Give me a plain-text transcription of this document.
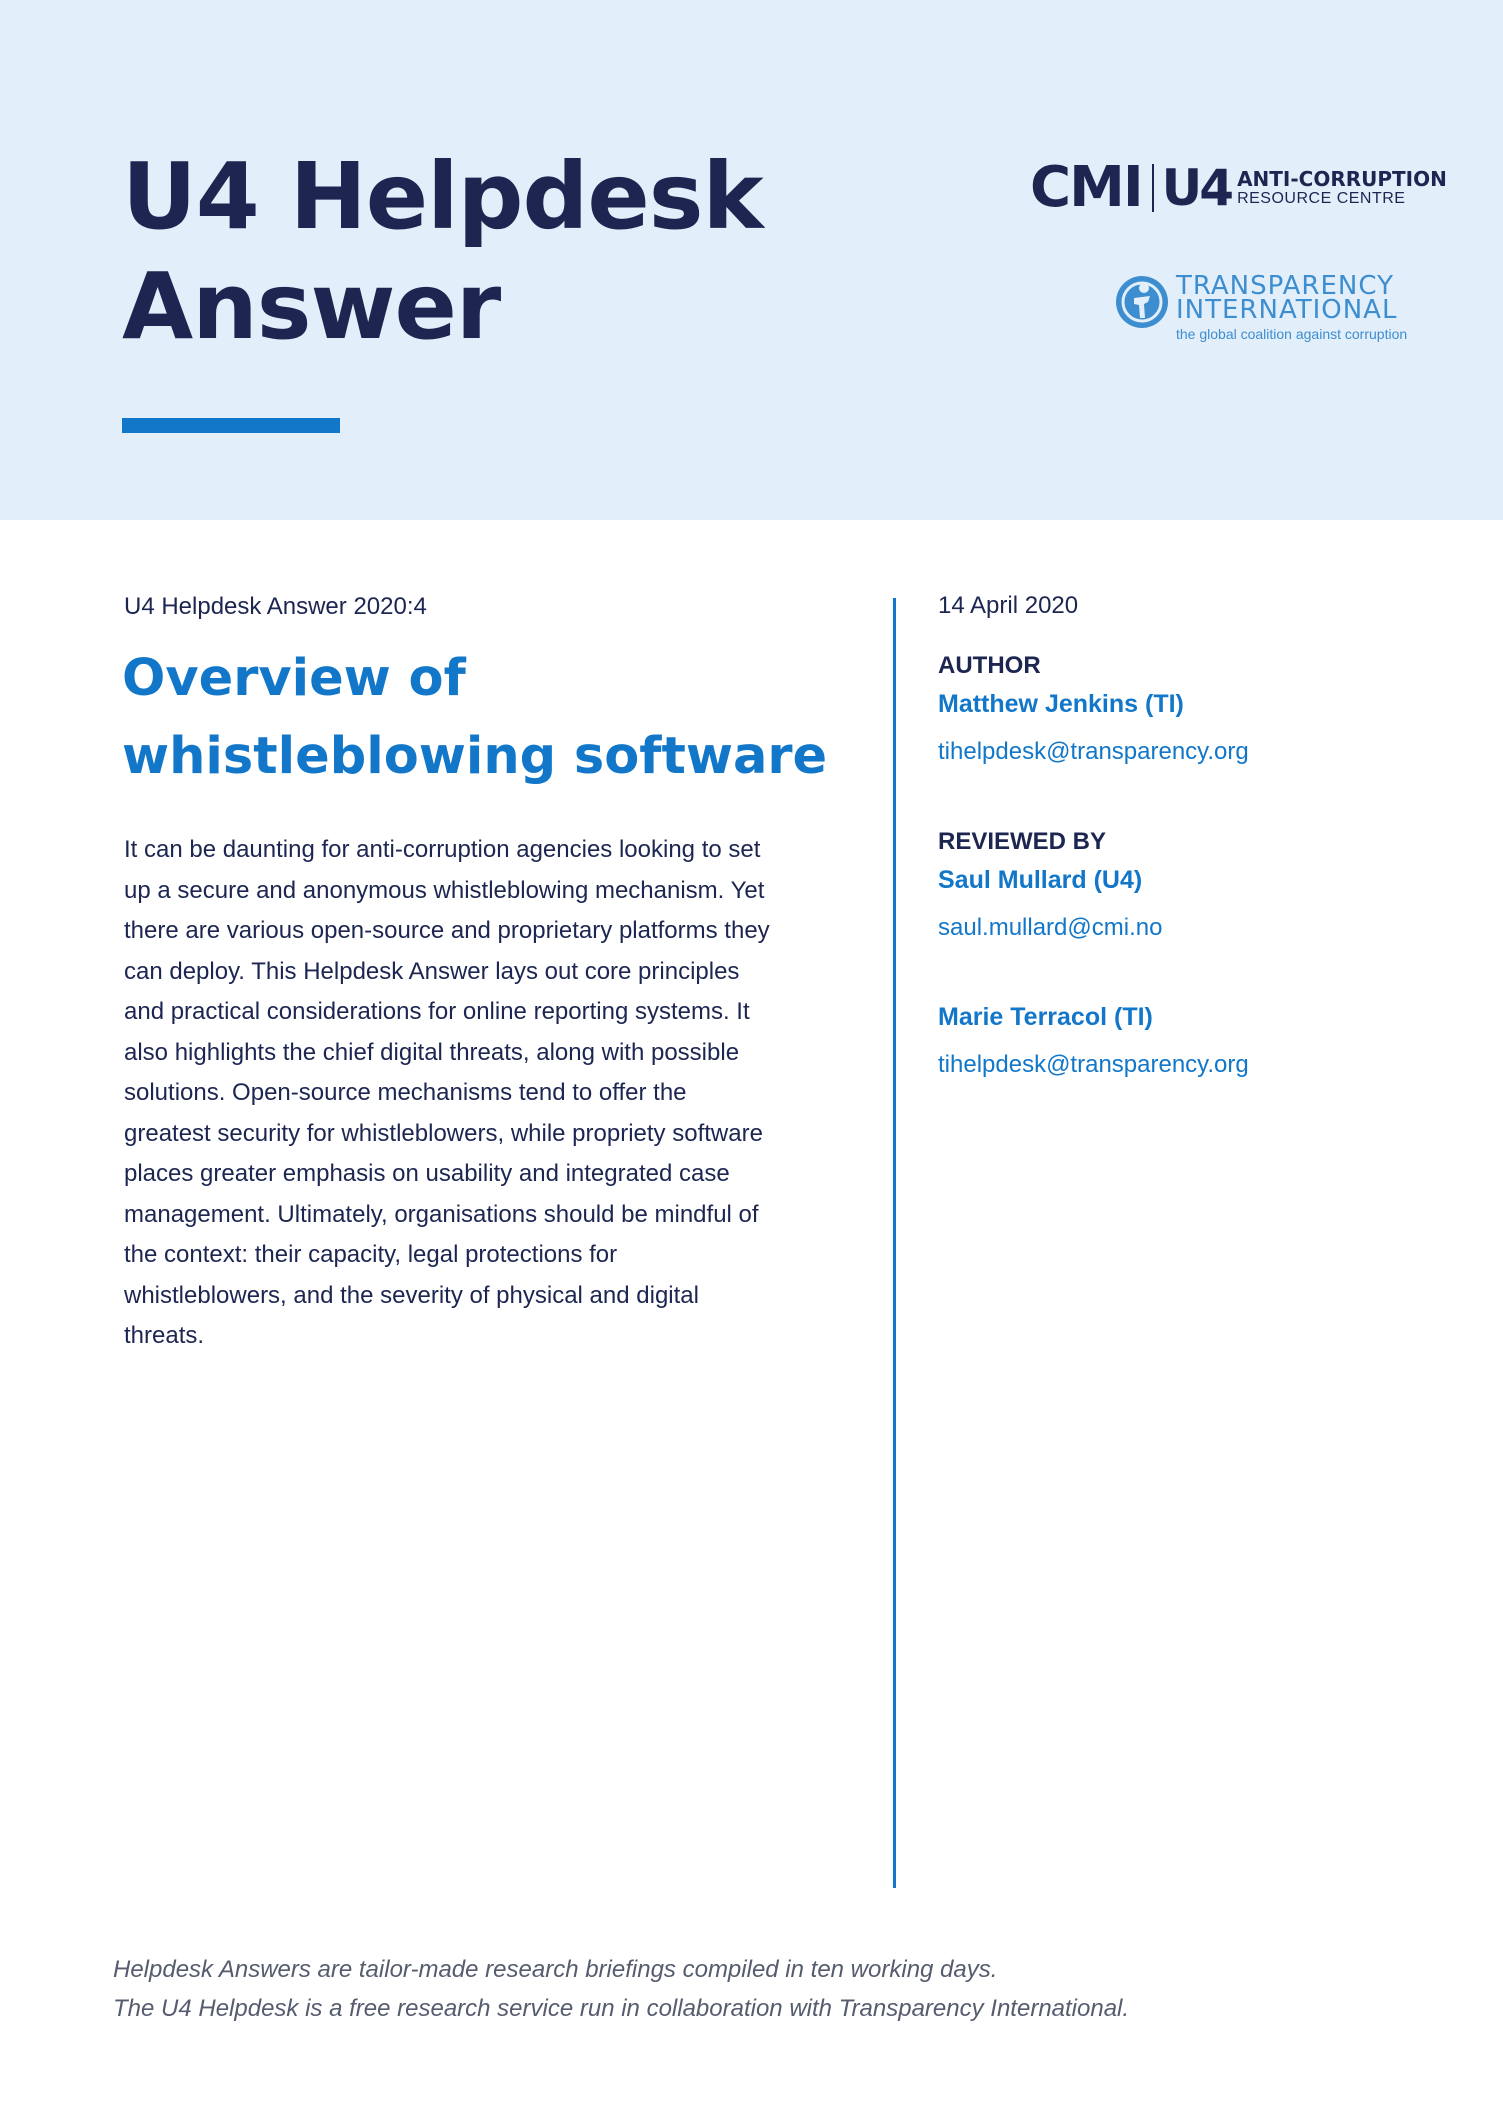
U4 Helpdesk
Answer
CMI U4 ANTI-CORRUPTION
RESOURCE CENTRE
TRANSPARENCY
INTERNATIONAL
the global coalition against corruption
U4 Helpdesk Answer 2020:4
Overview of
whistleblowing software
It can be daunting for anti-corruption agencies looking to set
up a secure and anonymous whistleblowing mechanism. Yet
there are various open-source and proprietary platforms they
can deploy. This Helpdesk Answer lays out core principles
and practical considerations for online reporting systems. It
also highlights the chief digital threats, along with possible
solutions. Open-source mechanisms tend to offer the
greatest security for whistleblowers, while propriety software
places greater emphasis on usability and integrated case
management. Ultimately, organisations should be mindful of
the context: their capacity, legal protections for
whistleblowers, and the severity of physical and digital
threats.
14 April 2020
AUTHOR
Matthew Jenkins (TI)
tihelpdesk@transparency.org
REVIEWED BY
Saul Mullard (U4)
saul.mullard@cmi.no
Marie Terracol (TI)
tihelpdesk@transparency.org
Helpdesk Answers are tailor-made research briefings compiled in ten working days.
The U4 Helpdesk is a free research service run in collaboration with Transparency International.
